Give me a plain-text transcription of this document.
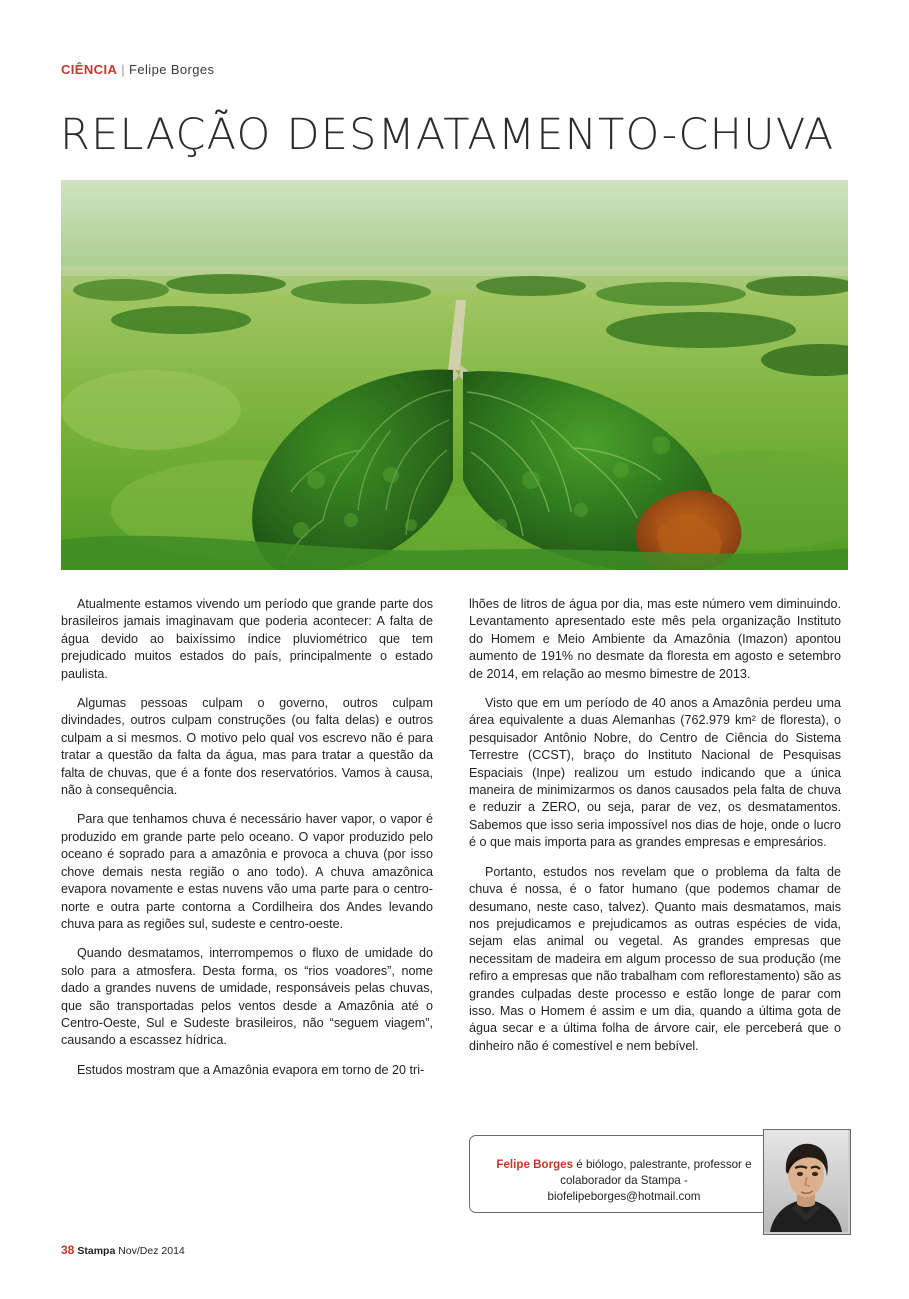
CIÊNCIA | Felipe Borges
RELAÇÃO DESMATAMENTO-CHUVA

Atualmente estamos vivendo um período que grande parte dos brasileiros jamais imaginavam que poderia acontecer: A falta de água devido ao baixíssimo índice pluviométrico que tem prejudicado muitos estados do país, principalmente o estado paulista.

Algumas pessoas culpam o governo, outros culpam divindades, outros culpam construções (ou falta delas) e outros culpam a si mesmos. O motivo pelo qual vos escrevo não é para tratar a questão da falta da água, mas para tratar a questão da falta de chuvas, que é a fonte dos reservatórios. Vamos à causa, não à consequência.

Para que tenhamos chuva é necessário haver vapor, o vapor é produzido em grande parte pelo oceano. O vapor produzido pelo oceano é soprado para a amazônia e provoca a chuva (por isso chove demais nesta região o ano todo). A chuva amazônica evapora novamente e estas nuvens vão uma parte para o centro-norte e outra parte contorna a Cordilheira dos Andes levando chuva para as regiões sul, sudeste e centro-oeste.

Quando desmatamos, interrompemos o fluxo de umidade do solo para a atmosfera. Desta forma, os “rios voadores”, nome dado a grandes nuvens de umidade, responsáveis pelas chuvas, que são transportadas pelos ventos desde a Amazônia até o Centro-Oeste, Sul e Sudeste brasileiros, não “seguem viagem”, causando a escassez hídrica.

Estudos mostram que a Amazônia evapora em torno de 20 tri-

lhões de litros de água por dia, mas este número vem diminuindo. Levantamento apresentado este mês pela organização Instituto do Homem e Meio Ambiente da Amazônia (Imazon) apontou aumento de 191% no desmate da floresta em agosto e setembro de 2014, em relação ao mesmo bimestre de 2013.

Visto que em um período de 40 anos a Amazônia perdeu uma área equivalente a duas Alemanhas (762.979 km² de floresta), o pesquisador Antônio Nobre, do Centro de Ciência do Sistema Terrestre (CCST), braço do Instituto Nacional de Pesquisas Espaciais (Inpe) realizou um estudo indicando que a única maneira de minimizarmos os danos causados pela falta de chuva e reduzir a ZERO, ou seja, parar de vez, os desmatamentos. Sabemos que isso seria impossível nos dias de hoje, onde o lucro é o que mais importa para as grandes empresas e empresários.

Portanto, estudos nos revelam que o problema da falta de chuva é nossa, é o fator humano (que podemos chamar de desumano, neste caso, talvez). Quanto mais desmatamos, mais nos prejudicamos e prejudicamos as outras espécies de vida, sejam elas animal ou vegetal. As grandes empresas que necessitam de madeira em algum processo de sua produção (me refiro a empresas que não trabalham com reflorestamento) são as grandes culpadas deste processo e estão longe de parar com isso. Mas o Homem é assim e um dia, quando a última gota de água secar e a última folha de árvore cair, ele perceberá que o dinheiro não é comestível e nem bebível.

Felipe Borges é biólogo, palestrante, professor e colaborador da Stampa - biofelipeborges@hotmail.com
38 Stampa Nov/Dez 2014
